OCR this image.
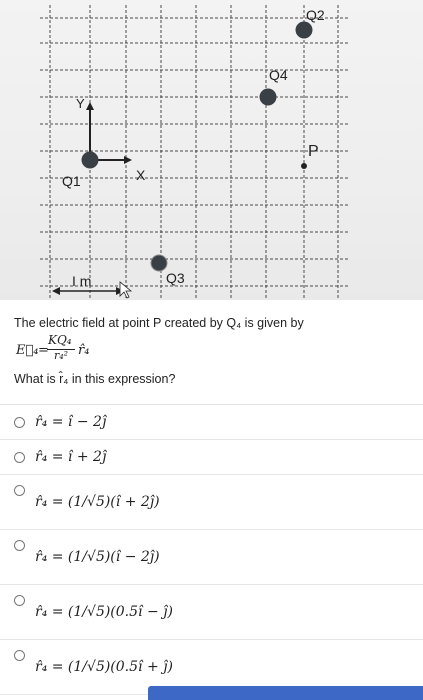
Q2
Q4
P
Q1
Q3
X
Y
I m

The electric field at point P created by Q₄ is given by

E⃗₄ =
KQ₄
r₄² r̂₄

What is r̂₄ in this expression?

r̂₄ = î − 2ĵ
r̂₄ = î + 2ĵ
r̂₄ = (1/√5)(î + 2ĵ)
r̂₄ = (1/√5)(î − 2ĵ)
r̂₄ = (1/√5)(0.5î − ĵ)
r̂₄ = (1/√5)(0.5î + ĵ)
